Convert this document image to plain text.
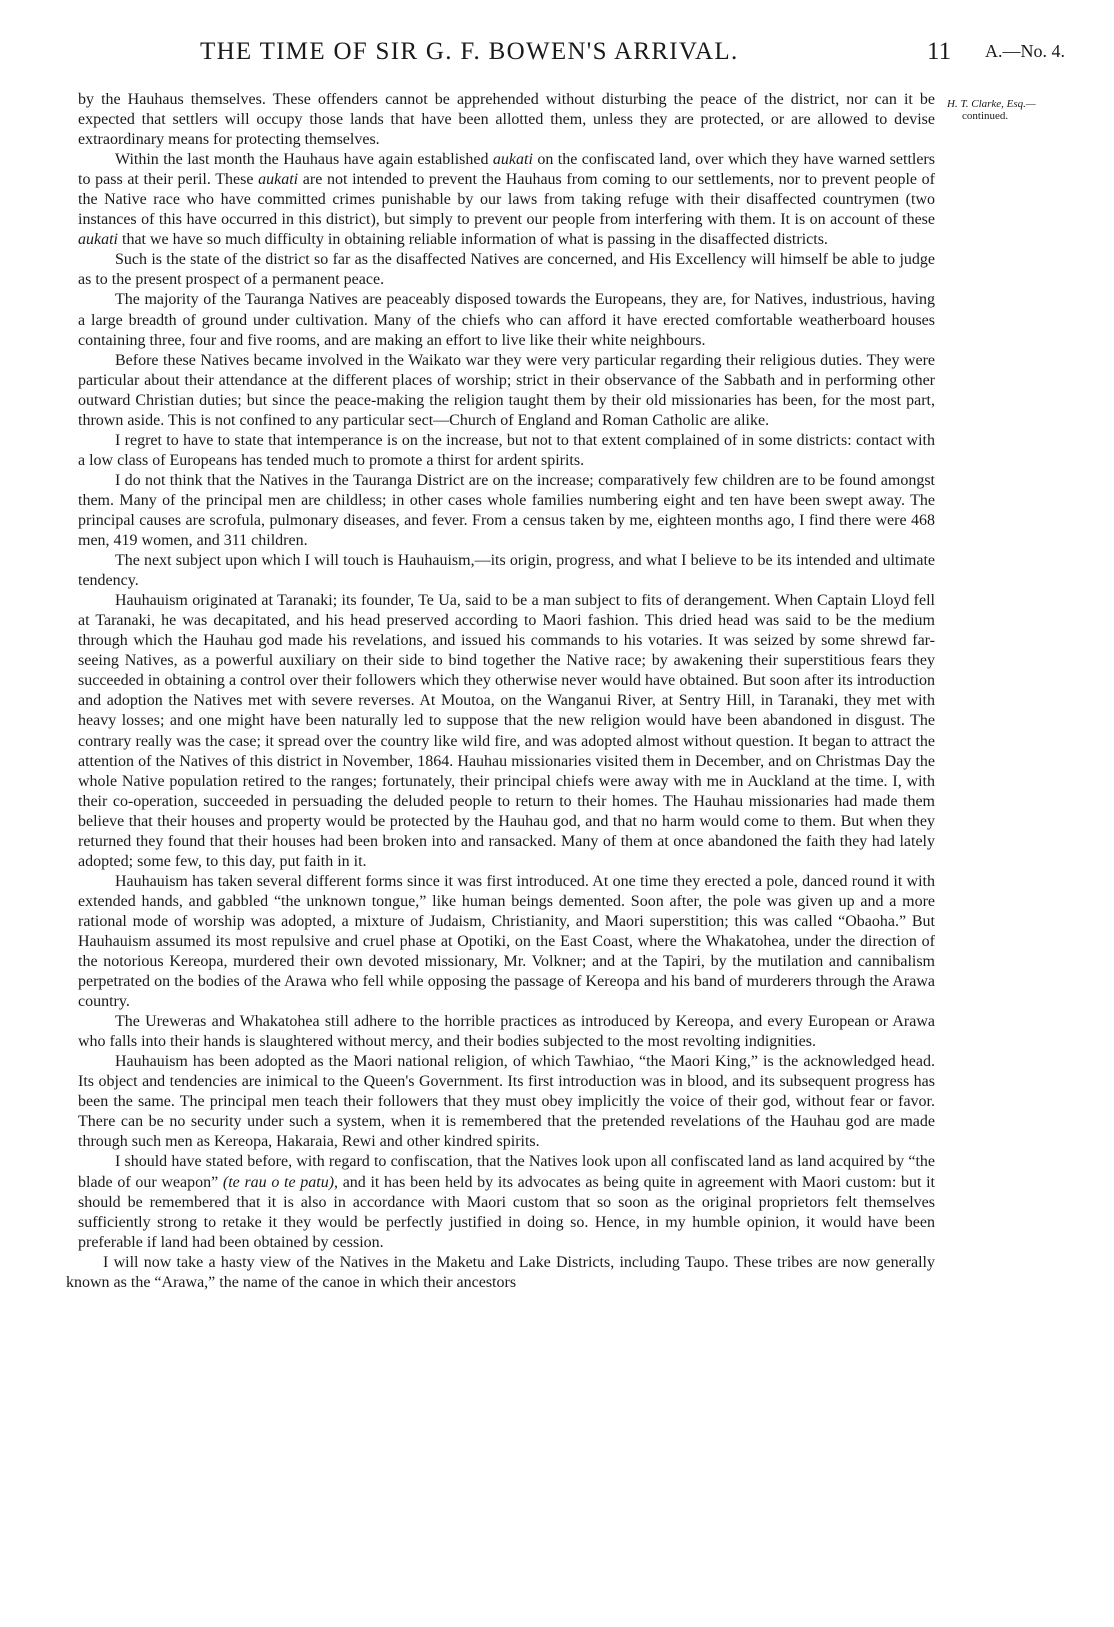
THE TIME OF SIR G. F. BOWEN'S ARRIVAL.	11 A.—No. 4.
H. T. Clarke, Esq.—
continued.

by the Hauhaus themselves. These offenders cannot be apprehended without disturbing the peace of the district, nor can it be expected that settlers will occupy those lands that have been allotted them, unless they are protected, or are allowed to devise extraordinary means for protecting themselves.

Within the last month the Hauhaus have again established aukati on the confiscated land, over which they have warned settlers to pass at their peril. These aukati are not intended to prevent the Hauhaus from coming to our settlements, nor to prevent people of the Native race who have committed crimes punishable by our laws from taking refuge with their disaffected countrymen (two instances of this have occurred in this district), but simply to prevent our people from interfering with them. It is on account of these aukati that we have so much difficulty in obtaining reliable information of what is passing in the disaffected districts.

Such is the state of the district so far as the disaffected Natives are concerned, and His Excellency will himself be able to judge as to the present prospect of a permanent peace.

The majority of the Tauranga Natives are peaceably disposed towards the Europeans, they are, for Natives, industrious, having a large breadth of ground under cultivation. Many of the chiefs who can afford it have erected comfortable weatherboard houses containing three, four and five rooms, and are making an effort to live like their white neighbours.

Before these Natives became involved in the Waikato war they were very particular regarding their religious duties. They were particular about their attendance at the different places of worship; strict in their observance of the Sabbath and in performing other outward Christian duties; but since the peace-making the religion taught them by their old missionaries has been, for the most part, thrown aside. This is not confined to any particular sect—Church of England and Roman Catholic are alike.

I regret to have to state that intemperance is on the increase, but not to that extent complained of in some districts: contact with a low class of Europeans has tended much to promote a thirst for ardent spirits.

I do not think that the Natives in the Tauranga District are on the increase; comparatively few children are to be found amongst them. Many of the principal men are childless; in other cases whole families numbering eight and ten have been swept away. The principal causes are scrofula, pulmonary diseases, and fever. From a census taken by me, eighteen months ago, I find there were 468 men, 419 women, and 311 children.

The next subject upon which I will touch is Hauhauism,—its origin, progress, and what I believe to be its intended and ultimate tendency.

Hauhauism originated at Taranaki; its founder, Te Ua, said to be a man subject to fits of derangement. When Captain Lloyd fell at Taranaki, he was decapitated, and his head preserved according to Maori fashion. This dried head was said to be the medium through which the Hauhau god made his revelations, and issued his commands to his votaries. It was seized by some shrewd far-seeing Natives, as a powerful auxiliary on their side to bind together the Native race; by awakening their superstitious fears they succeeded in obtaining a control over their followers which they otherwise never would have obtained. But soon after its introduction and adoption the Natives met with severe reverses. At Moutoa, on the Wanganui River, at Sentry Hill, in Taranaki, they met with heavy losses; and one might have been naturally led to suppose that the new religion would have been abandoned in disgust. The contrary really was the case; it spread over the country like wild fire, and was adopted almost without question. It began to attract the attention of the Natives of this district in November, 1864. Hauhau missionaries visited them in December, and on Christmas Day the whole Native population retired to the ranges; fortunately, their principal chiefs were away with me in Auckland at the time. I, with their co-operation, succeeded in persuading the deluded people to return to their homes. The Hauhau missionaries had made them believe that their houses and property would be protected by the Hauhau god, and that no harm would come to them. But when they returned they found that their houses had been broken into and ransacked. Many of them at once abandoned the faith they had lately adopted; some few, to this day, put faith in it.

Hauhauism has taken several different forms since it was first introduced. At one time they erected a pole, danced round it with extended hands, and gabbled “the unknown tongue,” like human beings demented. Soon after, the pole was given up and a more rational mode of worship was adopted, a mixture of Judaism, Christianity, and Maori superstition; this was called “Obaoha.” But Hauhauism assumed its most repulsive and cruel phase at Opotiki, on the East Coast, where the Whakatohea, under the direction of the notorious Kereopa, murdered their own devoted missionary, Mr. Volkner; and at the Tapiri, by the mutilation and cannibalism perpetrated on the bodies of the Arawa who fell while opposing the passage of Kereopa and his band of murderers through the Arawa country.

The Ureweras and Whakatohea still adhere to the horrible practices as introduced by Kereopa, and every European or Arawa who falls into their hands is slaughtered without mercy, and their bodies subjected to the most revolting indignities.

Hauhauism has been adopted as the Maori national religion, of which Tawhiao, “the Maori King,” is the acknowledged head. Its object and tendencies are inimical to the Queen's Government. Its first introduction was in blood, and its subsequent progress has been the same. The principal men teach their followers that they must obey implicitly the voice of their god, without fear or favor. There can be no security under such a system, when it is remembered that the pretended revelations of the Hauhau god are made through such men as Kereopa, Hakaraia, Rewi and other kindred spirits.

I should have stated before, with regard to confiscation, that the Natives look upon all confiscated land as land acquired by “the blade of our weapon” (te rau o te patu), and it has been held by its advocates as being quite in agreement with Maori custom: but it should be remembered that it is also in accordance with Maori custom that so soon as the original proprietors felt themselves sufficiently strong to retake it they would be perfectly justified in doing so. Hence, in my humble opinion, it would have been preferable if land had been obtained by cession.

I will now take a hasty view of the Natives in the Maketu and Lake Districts, including Taupo. These tribes are now generally known as the “Arawa,” the name of the canoe in which their ancestors
